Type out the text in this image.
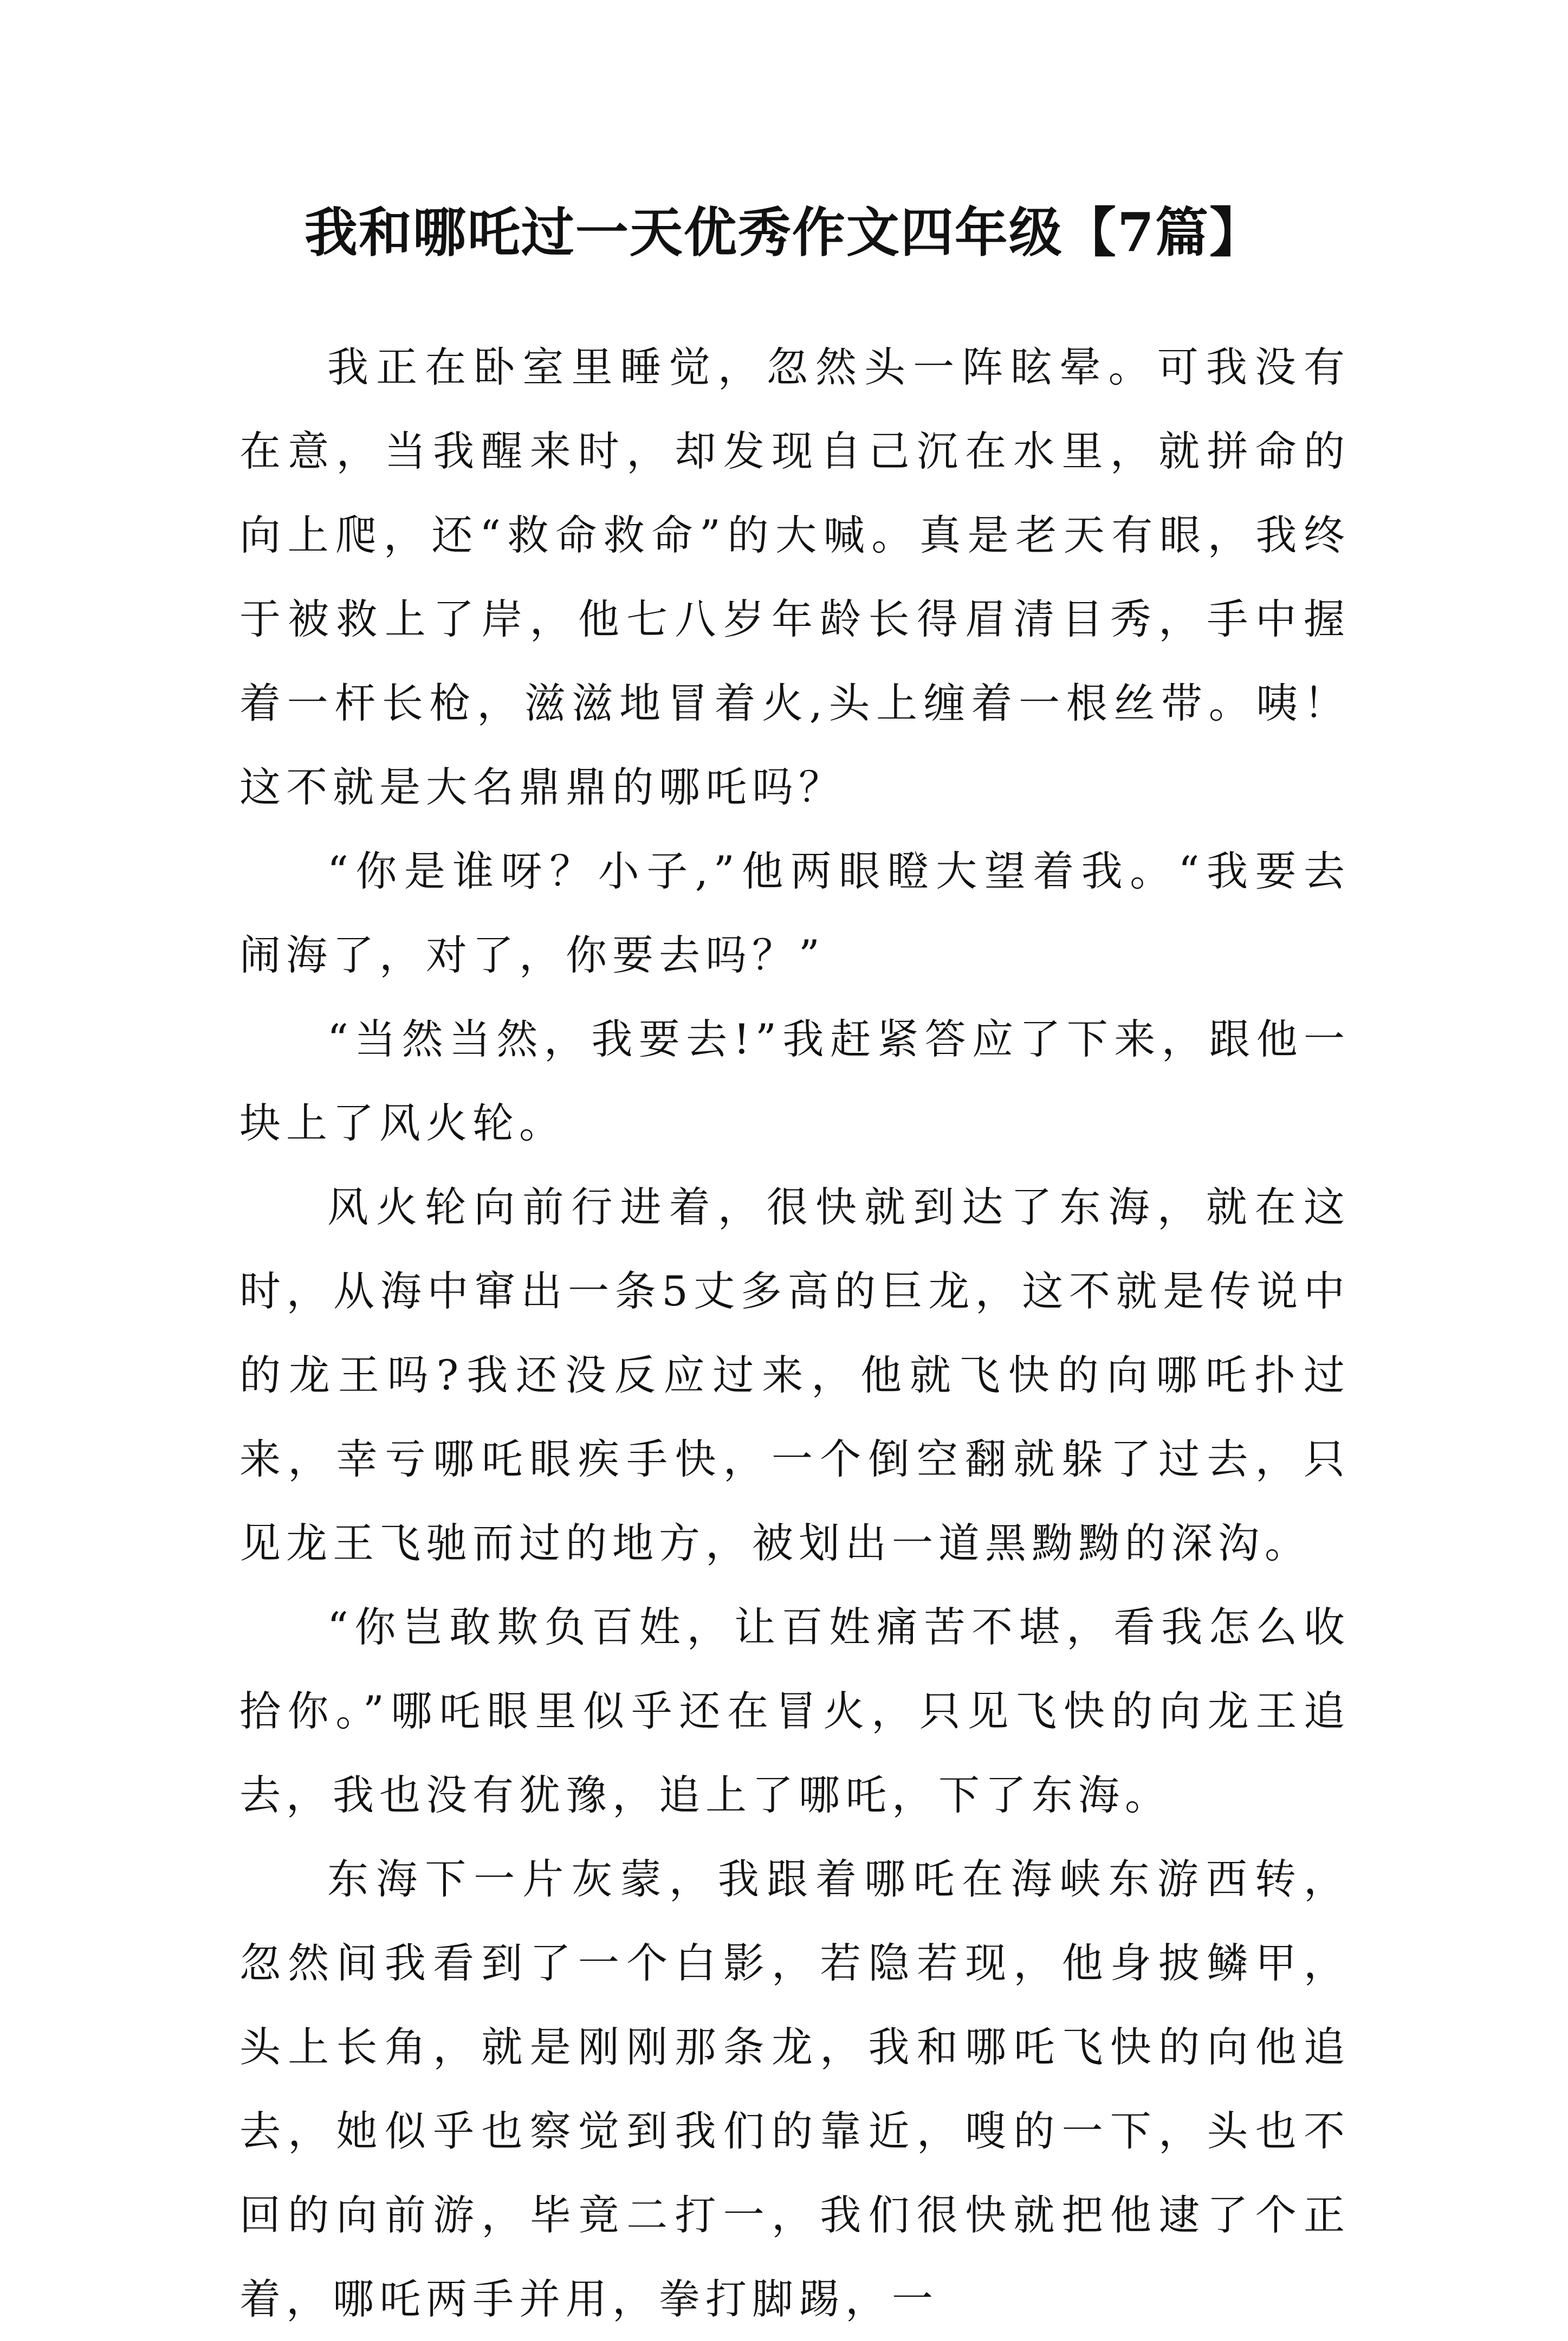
我和哪吒过一天优秀作文四年级【7篇】

我正在卧室里睡觉，忽然头一阵眩晕。可我没有在意，当我醒来时，却发现自己沉在水里，就拼命的向上爬，还“救命救命”的大喊。真是老天有眼，我终于被救上了岸，他七八岁年龄长得眉清目秀，手中握着一杆长枪，滋滋地冒着火,头上缠着一根丝带。咦！这不就是大名鼎鼎的哪吒吗？

“你是谁呀？小子,”他两眼瞪大望着我。“我要去闹海了，对了，你要去吗？”

“当然当然，我要去!”我赶紧答应了下来，跟他一块上了风火轮。

风火轮向前行进着，很快就到达了东海，就在这时，从海中窜出一条5丈多高的巨龙，这不就是传说中的龙王吗?我还没反应过来，他就飞快的向哪吒扑过来，幸亏哪吒眼疾手快，一个倒空翻就躲了过去，只见龙王飞驰而过的地方，被划出一道黑黝黝的深沟。

“你岂敢欺负百姓，让百姓痛苦不堪，看我怎么收拾你。”哪吒眼里似乎还在冒火，只见飞快的向龙王追去，我也没有犹豫，追上了哪吒，下了东海。

东海下一片灰蒙，我跟着哪吒在海峡东游西转，忽然间我看到了一个白影，若隐若现，他身披鳞甲，头上长角，就是刚刚那条龙，我和哪吒飞快的向他追去，她似乎也察觉到我们的靠近，嗖的一下，头也不回的向前游，毕竟二打一，我们很快就把他逮了个正着，哪吒两手并用，拳打脚踢，一
